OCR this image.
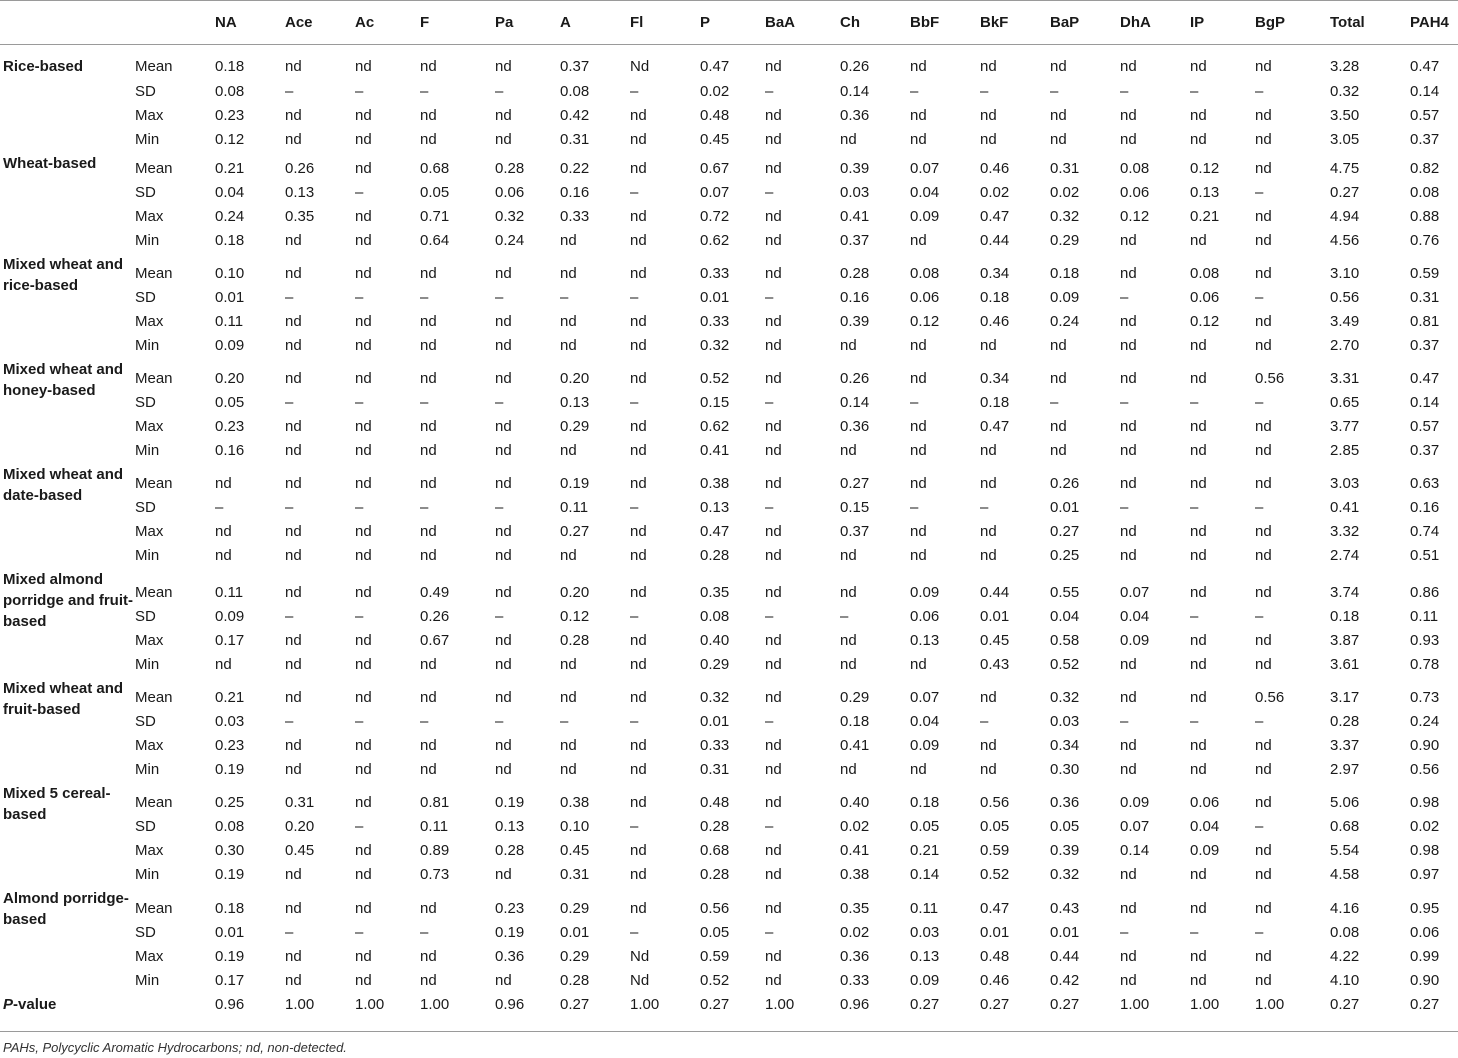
		NA	Ace	Ac	F	Pa	A	Fl	P	BaA	Ch	BbF	BkF	BaP	DhA	IP	BgP	Total	PAH4
Rice-based	Mean	0.18	nd	nd	nd	nd	0.37	Nd	0.47	nd	0.26	nd	nd	nd	nd	nd	nd	3.28	0.47
	SD	0.08	–	–	–	–	0.08	–	0.02	–	0.14	–	–	–	–	–	–	0.32	0.14
	Max	0.23	nd	nd	nd	nd	0.42	nd	0.48	nd	0.36	nd	nd	nd	nd	nd	nd	3.50	0.57
	Min	0.12	nd	nd	nd	nd	0.31	nd	0.45	nd	nd	nd	nd	nd	nd	nd	nd	3.05	0.37
Wheat-based	Mean	0.21	0.26	nd	0.68	0.28	0.22	nd	0.67	nd	0.39	0.07	0.46	0.31	0.08	0.12	nd	4.75	0.82
	SD	0.04	0.13	–	0.05	0.06	0.16	–	0.07	–	0.03	0.04	0.02	0.02	0.06	0.13	–	0.27	0.08
	Max	0.24	0.35	nd	0.71	0.32	0.33	nd	0.72	nd	0.41	0.09	0.47	0.32	0.12	0.21	nd	4.94	0.88
	Min	0.18	nd	nd	0.64	0.24	nd	nd	0.62	nd	0.37	nd	0.44	0.29	nd	nd	nd	4.56	0.76
Mixed wheat and rice-based	Mean	0.10	nd	nd	nd	nd	nd	nd	0.33	nd	0.28	0.08	0.34	0.18	nd	0.08	nd	3.10	0.59
	SD	0.01	–	–	–	–	–	–	0.01	–	0.16	0.06	0.18	0.09	–	0.06	–	0.56	0.31
	Max	0.11	nd	nd	nd	nd	nd	nd	0.33	nd	0.39	0.12	0.46	0.24	nd	0.12	nd	3.49	0.81
	Min	0.09	nd	nd	nd	nd	nd	nd	0.32	nd	nd	nd	nd	nd	nd	nd	nd	2.70	0.37
Mixed wheat and honey-based	Mean	0.20	nd	nd	nd	nd	0.20	nd	0.52	nd	0.26	nd	0.34	nd	nd	nd	0.56	3.31	0.47
	SD	0.05	–	–	–	–	0.13	–	0.15	–	0.14	–	0.18	–	–	–	–	0.65	0.14
	Max	0.23	nd	nd	nd	nd	0.29	nd	0.62	nd	0.36	nd	0.47	nd	nd	nd	nd	3.77	0.57
	Min	0.16	nd	nd	nd	nd	nd	nd	0.41	nd	nd	nd	nd	nd	nd	nd	nd	2.85	0.37
Mixed wheat and date-based	Mean	nd	nd	nd	nd	nd	0.19	nd	0.38	nd	0.27	nd	nd	0.26	nd	nd	nd	3.03	0.63
	SD	–	–	–	–	–	0.11	–	0.13	–	0.15	–	–	0.01	–	–	–	0.41	0.16
	Max	nd	nd	nd	nd	nd	0.27	nd	0.47	nd	0.37	nd	nd	0.27	nd	nd	nd	3.32	0.74
	Min	nd	nd	nd	nd	nd	nd	nd	0.28	nd	nd	nd	nd	0.25	nd	nd	nd	2.74	0.51
Mixed almond porridge and fruit-based	Mean	0.11	nd	nd	0.49	nd	0.20	nd	0.35	nd	nd	0.09	0.44	0.55	0.07	nd	nd	3.74	0.86
	SD	0.09	–	–	0.26	–	0.12	–	0.08	–	–	0.06	0.01	0.04	0.04	–	–	0.18	0.11
	Max	0.17	nd	nd	0.67	nd	0.28	nd	0.40	nd	nd	0.13	0.45	0.58	0.09	nd	nd	3.87	0.93
	Min	nd	nd	nd	nd	nd	nd	nd	0.29	nd	nd	nd	0.43	0.52	nd	nd	nd	3.61	0.78
Mixed wheat and fruit-based	Mean	0.21	nd	nd	nd	nd	nd	nd	0.32	nd	0.29	0.07	nd	0.32	nd	nd	0.56	3.17	0.73
	SD	0.03	–	–	–	–	–	–	0.01	–	0.18	0.04	–	0.03	–	–	–	0.28	0.24
	Max	0.23	nd	nd	nd	nd	nd	nd	0.33	nd	0.41	0.09	nd	0.34	nd	nd	nd	3.37	0.90
	Min	0.19	nd	nd	nd	nd	nd	nd	0.31	nd	nd	nd	nd	0.30	nd	nd	nd	2.97	0.56
Mixed 5 cereal-based	Mean	0.25	0.31	nd	0.81	0.19	0.38	nd	0.48	nd	0.40	0.18	0.56	0.36	0.09	0.06	nd	5.06	0.98
	SD	0.08	0.20	–	0.11	0.13	0.10	–	0.28	–	0.02	0.05	0.05	0.05	0.07	0.04	–	0.68	0.02
	Max	0.30	0.45	nd	0.89	0.28	0.45	nd	0.68	nd	0.41	0.21	0.59	0.39	0.14	0.09	nd	5.54	0.98
	Min	0.19	nd	nd	0.73	nd	0.31	nd	0.28	nd	0.38	0.14	0.52	0.32	nd	nd	nd	4.58	0.97
Almond porridge-based	Mean	0.18	nd	nd	nd	0.23	0.29	nd	0.56	nd	0.35	0.11	0.47	0.43	nd	nd	nd	4.16	0.95
	SD	0.01	–	–	–	0.19	0.01	–	0.05	–	0.02	0.03	0.01	0.01	–	–	–	0.08	0.06
	Max	0.19	nd	nd	nd	0.36	0.29	Nd	0.59	nd	0.36	0.13	0.48	0.44	nd	nd	nd	4.22	0.99
	Min	0.17	nd	nd	nd	nd	0.28	Nd	0.52	nd	0.33	0.09	0.46	0.42	nd	nd	nd	4.10	0.90
P-value		0.96	1.00	1.00	1.00	0.96	0.27	1.00	0.27	1.00	0.96	0.27	0.27	0.27	1.00	1.00	1.00	0.27	0.27
PAHs, Polycyclic Aromatic Hydrocarbons; nd, non-detected.
